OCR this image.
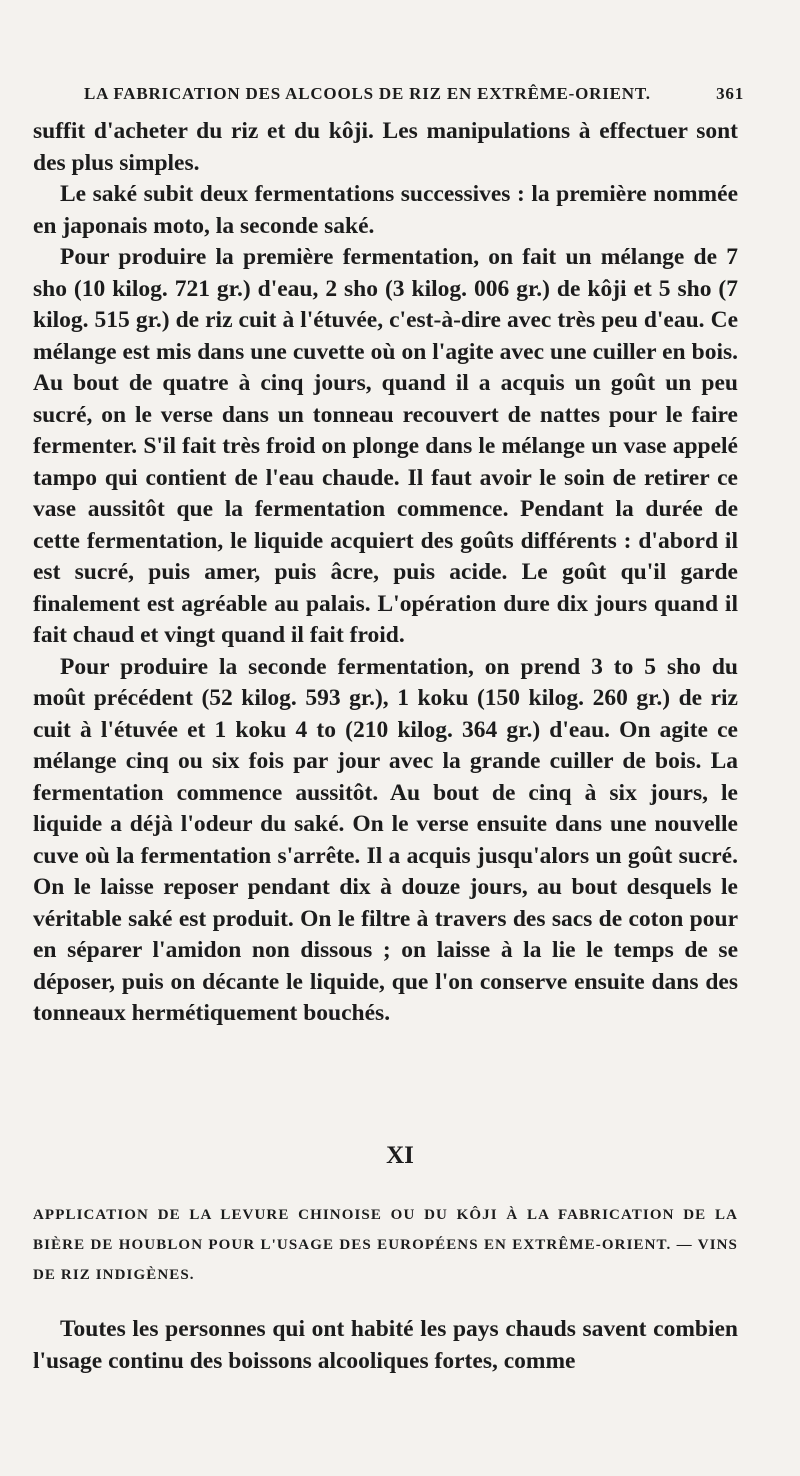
LA FABRICATION DES ALCOOLS DE RIZ EN EXTRÊME-ORIENT.	361

suffit d'acheter du riz et du kôji. Les manipulations à effectuer sont des plus simples.

Le saké subit deux fermentations successives : la première nommée en japonais moto, la seconde saké.

Pour produire la première fermentation, on fait un mélange de 7 sho (10 kilog. 721 gr.) d'eau, 2 sho (3 kilog. 006 gr.) de kôji et 5 sho (7 kilog. 515 gr.) de riz cuit à l'étuvée, c'est-à-dire avec très peu d'eau. Ce mélange est mis dans une cuvette où on l'agite avec une cuiller en bois. Au bout de quatre à cinq jours, quand il a acquis un goût un peu sucré, on le verse dans un tonneau recouvert de nattes pour le faire fermenter. S'il fait très froid on plonge dans le mélange un vase appelé tampo qui contient de l'eau chaude. Il faut avoir le soin de retirer ce vase aussitôt que la fermentation commence. Pendant la durée de cette fermentation, le liquide acquiert des goûts différents : d'abord il est sucré, puis amer, puis âcre, puis acide. Le goût qu'il garde finalement est agréable au palais. L'opération dure dix jours quand il fait chaud et vingt quand il fait froid.

Pour produire la seconde fermentation, on prend 3 to 5 sho du moût précédent (52 kilog. 593 gr.), 1 koku (150 kilog. 260 gr.) de riz cuit à l'étuvée et 1 koku 4 to (210 kilog. 364 gr.) d'eau. On agite ce mélange cinq ou six fois par jour avec la grande cuiller de bois. La fermentation commence aussitôt. Au bout de cinq à six jours, le liquide a déjà l'odeur du saké. On le verse ensuite dans une nouvelle cuve où la fermentation s'arrête. Il a acquis jusqu'alors un goût sucré. On le laisse reposer pendant dix à douze jours, au bout desquels le véritable saké est produit. On le filtre à travers des sacs de coton pour en séparer l'amidon non dissous ; on laisse à la lie le temps de se déposer, puis on décante le liquide, que l'on conserve ensuite dans des tonneaux hermétiquement bouchés.

XI
APPLICATION DE LA LEVURE CHINOISE OU DU KÔJI À LA FABRICATION DE LA BIÈRE DE HOUBLON POUR L'USAGE DES EUROPÉENS EN EXTRÊME-ORIENT. — VINS DE RIZ INDIGÈNES.

Toutes les personnes qui ont habité les pays chauds savent combien l'usage continu des boissons alcooliques fortes, comme
